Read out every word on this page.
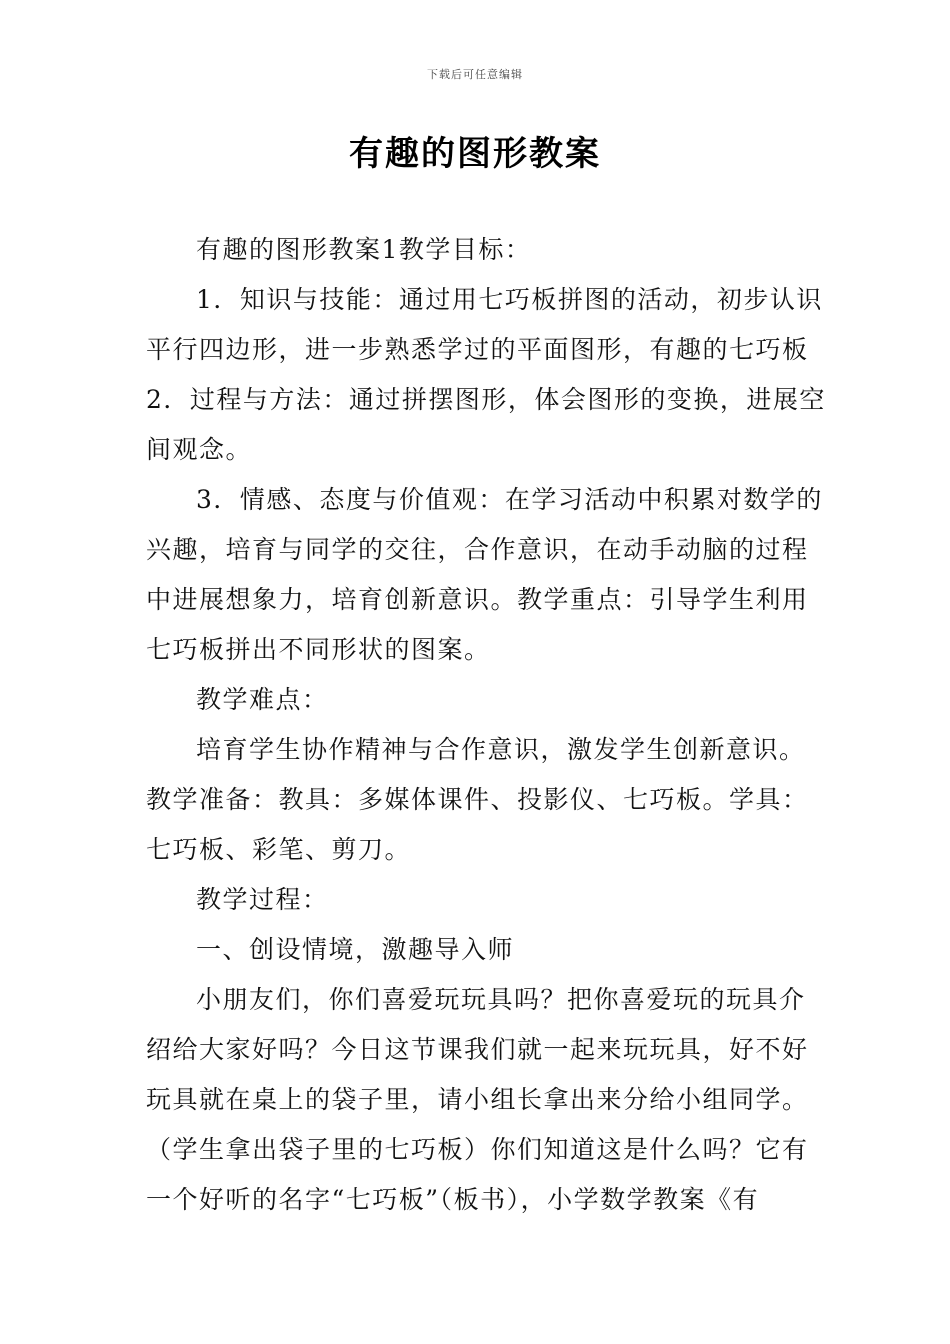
下载后可任意编辑
有趣的图形教案
有趣的图形教案1教学目标：
1．知识与技能：通过用七巧板拼图的活动，初步认识
平行四边形，进一步熟悉学过的平面图形，有趣的七巧板
2．过程与方法：通过拼摆图形，体会图形的变换，进展空
间观念。
3．情感、态度与价值观：在学习活动中积累对数学的
兴趣，培育与同学的交往，合作意识，在动手动脑的过程
中进展想象力，培育创新意识。教学重点：引导学生利用
七巧板拼出不同形状的图案。
教学难点：
培育学生协作精神与合作意识，激发学生创新意识。
教学准备：教具：多媒体课件、投影仪、七巧板。学具：
七巧板、彩笔、剪刀。
教学过程：
一、创设情境，激趣导入师
小朋友们，你们喜爱玩玩具吗？把你喜爱玩的玩具介
绍给大家好吗？今日这节课我们就一起来玩玩具，好不好
玩具就在桌上的袋子里，请小组长拿出来分给小组同学。
（学生拿出袋子里的七巧板）你们知道这是什么吗？它有
一个好听的名字“七巧板”（板书），小学数学教案《有
